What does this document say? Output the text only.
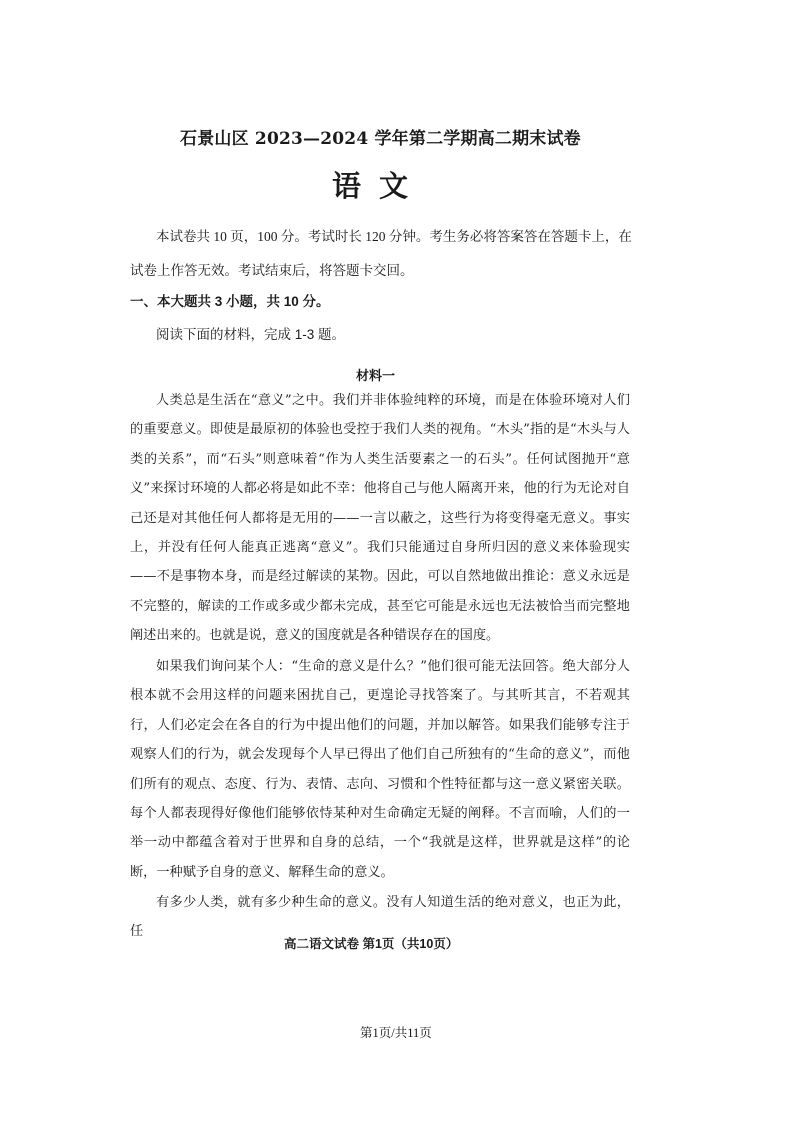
石景山区 2023—2024 学年第二学期高二期末试卷
语文

本试卷共 10 页，100 分。考试时长 120 分钟。考生务必将答案答在答题卡上，在试卷上作答无效。考试结束后，将答题卡交回。

一、本大题共 3 小题，共 10 分。
阅读下面的材料，完成 1-3 题。
材料一

人类总是生活在“意义”之中。我们并非体验纯粹的环境，而是在体验环境对人们的重要意义。即使是最原初的体验也受控于我们人类的视角。“木头”指的是“木头与人类的关系”，而“石头”则意味着“作为人类生活要素之一的石头”。任何试图抛开“意义”来探讨环境的人都必将是如此不幸：他将自己与他人隔离开来，他的行为无论对自己还是对其他任何人都将是无用的——一言以蔽之，这些行为将变得毫无意义。事实上，并没有任何人能真正逃离“意义”。我们只能通过自身所归因的意义来体验现实——不是事物本身，而是经过解读的某物。因此，可以自然地做出推论：意义永远是不完整的，解读的工作或多或少都未完成，甚至它可能是永远也无法被恰当而完整地阐述出来的。也就是说，意义的国度就是各种错误存在的国度。

如果我们询问某个人：“生命的意义是什么？”他们很可能无法回答。绝大部分人根本就不会用这样的问题来困扰自己，更遑论寻找答案了。与其听其言，不若观其行，人们必定会在各自的行为中提出他们的问题，并加以解答。如果我们能够专注于观察人们的行为，就会发现每个人早已得出了他们自己所独有的“生命的意义”，而他们所有的观点、态度、行为、表情、志向、习惯和个性特征都与这一意义紧密关联。每个人都表现得好像他们能够依恃某种对生命确定无疑的阐释。不言而喻，人们的一举一动中都蕴含着对于世界和自身的总结，一个“我就是这样，世界就是这样”的论断，一种赋予自身的意义、解释生命的意义。

有多少人类，就有多少种生命的意义。没有人知道生活的绝对意义，也正为此，任

高二语文试卷 第1页（共10页）
第1页/共11页
